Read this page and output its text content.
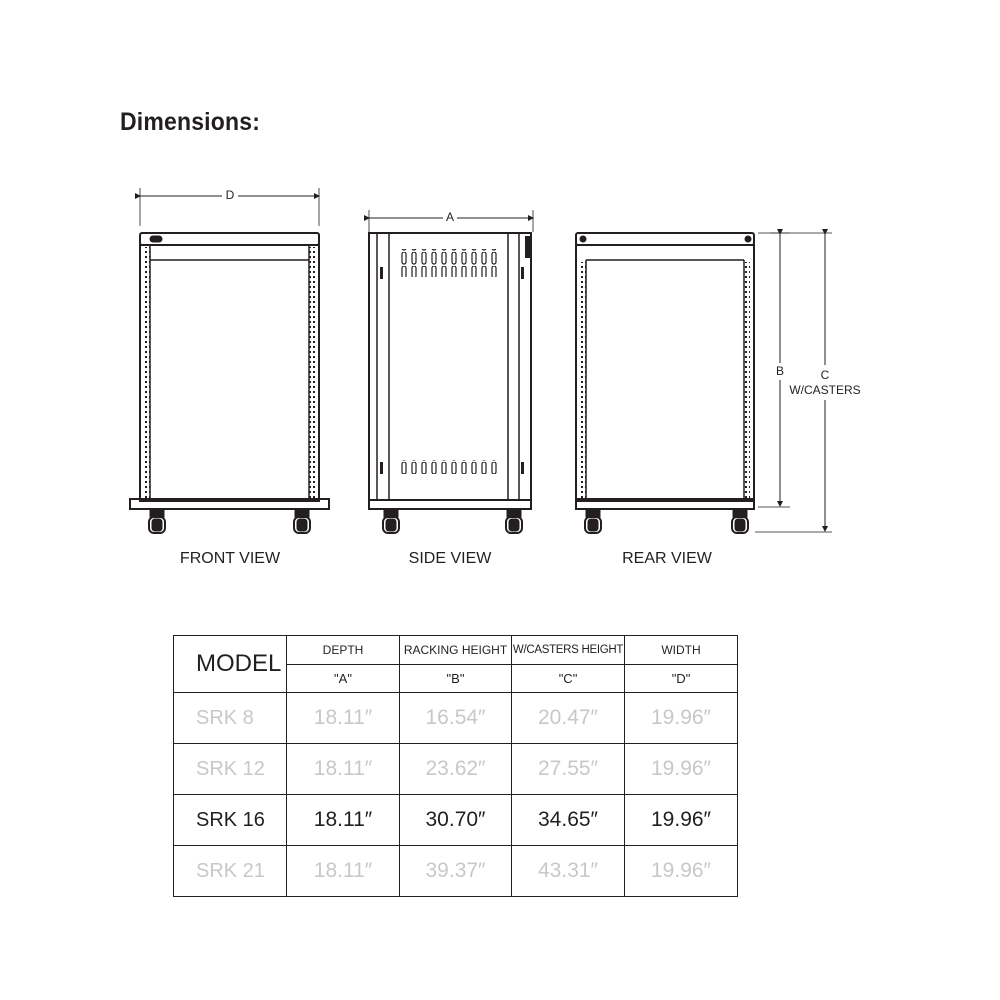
Dimensions:
D
A
B	C
W/CASTERS
FRONT VIEW	SIDE VIEW	REAR VIEW
MODEL	DEPTH	RACKING HEIGHT	W/CASTERS HEIGHT	WIDTH
	"A"	"B"	"C"	"D"
SRK 8	18.11″	16.54″	20.47″	19.96″
SRK 12	18.11″	23.62″	27.55″	19.96″
SRK 16	18.11″	30.70″	34.65″	19.96″
SRK 21	18.11″	39.37″	43.31″	19.96″
